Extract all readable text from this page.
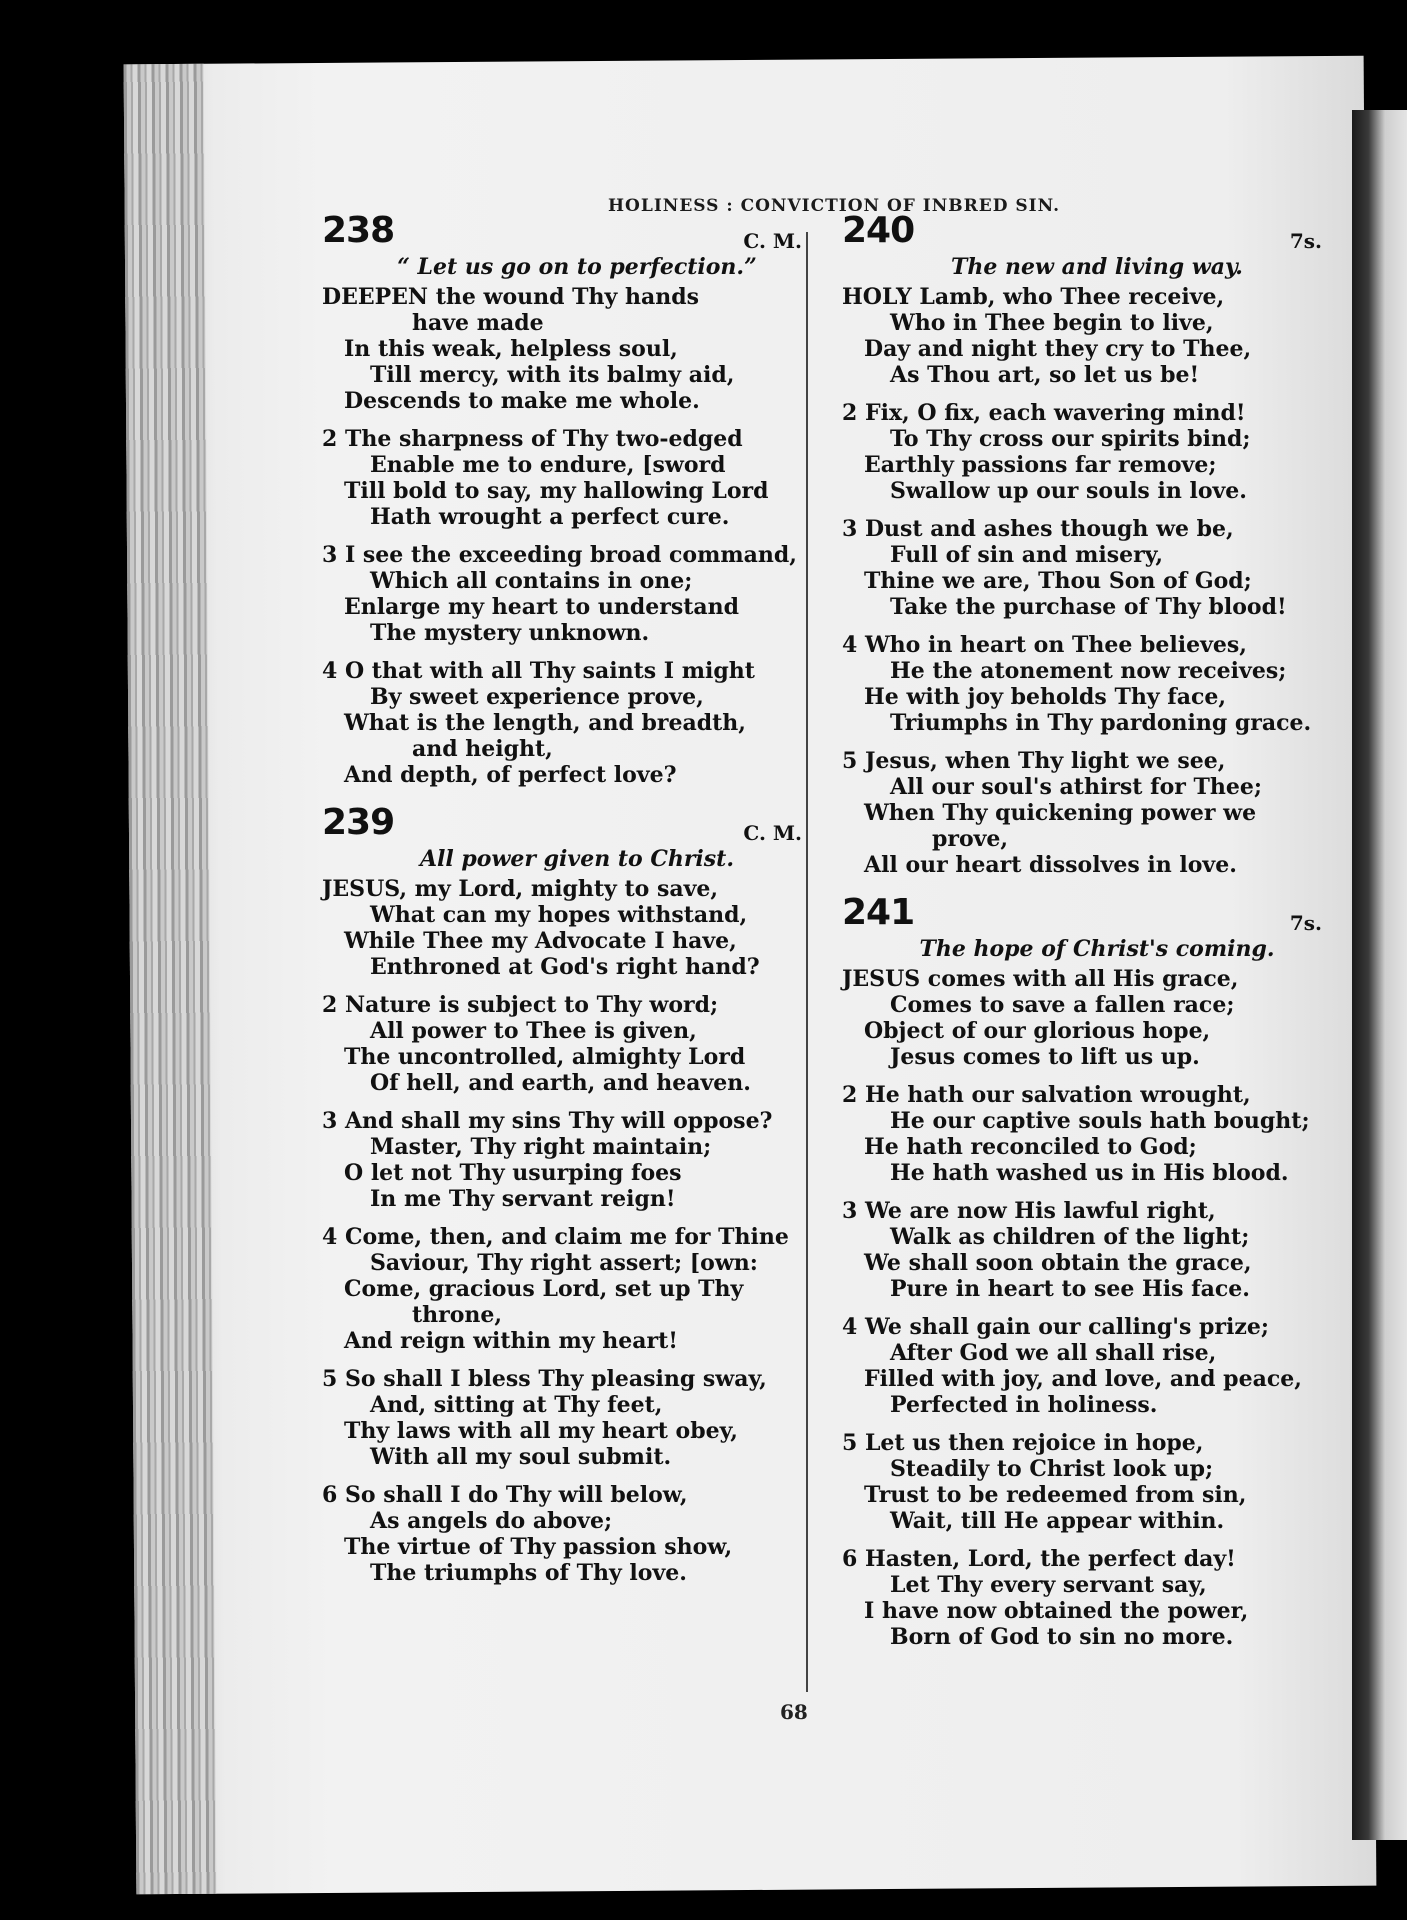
HOLINESS : CONVICTION OF INBRED SIN.
238	C. M.
“ Let us go on to perfection.”
DEEPEN the wound Thy hands
have made
In this weak, helpless soul,
Till mercy, with its balmy aid,
Descends to make me whole.
2 The sharpness of Thy two-edged
Enable me to endure, [sword
Till bold to say, my hallowing Lord
Hath wrought a perfect cure.
3 I see the exceeding broad command,
Which all contains in one;
Enlarge my heart to understand
The mystery unknown.
4 O that with all Thy saints I might
By sweet experience prove,
What is the length, and breadth,
and height,
And depth, of perfect love?
239	C. M.
All power given to Christ.
JESUS, my Lord, mighty to save,
What can my hopes withstand,
While Thee my Advocate I have,
Enthroned at God's right hand?
2 Nature is subject to Thy word;
All power to Thee is given,
The uncontrolled, almighty Lord
Of hell, and earth, and heaven.
3 And shall my sins Thy will oppose?
Master, Thy right maintain;
O let not Thy usurping foes
In me Thy servant reign!
4 Come, then, and claim me for Thine
Saviour, Thy right assert; [own:
Come, gracious Lord, set up Thy
throne,
And reign within my heart!
5 So shall I bless Thy pleasing sway,
And, sitting at Thy feet,
Thy laws with all my heart obey,
With all my soul submit.
6 So shall I do Thy will below,
As angels do above;
The virtue of Thy passion show,
The triumphs of Thy love.
240	7s.
The new and living way.
HOLY Lamb, who Thee receive,
Who in Thee begin to live,
Day and night they cry to Thee,
As Thou art, so let us be!
2 Fix, O fix, each wavering mind!
To Thy cross our spirits bind;
Earthly passions far remove;
Swallow up our souls in love.
3 Dust and ashes though we be,
Full of sin and misery,
Thine we are, Thou Son of God;
Take the purchase of Thy blood!
4 Who in heart on Thee believes,
He the atonement now receives;
He with joy beholds Thy face,
Triumphs in Thy pardoning grace.
5 Jesus, when Thy light we see,
All our soul's athirst for Thee;
When Thy quickening power we
prove,
All our heart dissolves in love.
241	7s.
The hope of Christ's coming.
JESUS comes with all His grace,
Comes to save a fallen race;
Object of our glorious hope,
Jesus comes to lift us up.
2 He hath our salvation wrought,
He our captive souls hath bought;
He hath reconciled to God;
He hath washed us in His blood.
3 We are now His lawful right,
Walk as children of the light;
We shall soon obtain the grace,
Pure in heart to see His face.
4 We shall gain our calling's prize;
After God we all shall rise,
Filled with joy, and love, and peace,
Perfected in holiness.
5 Let us then rejoice in hope,
Steadily to Christ look up;
Trust to be redeemed from sin,
Wait, till He appear within.
6 Hasten, Lord, the perfect day!
Let Thy every servant say,
I have now obtained the power,
Born of God to sin no more.
68
